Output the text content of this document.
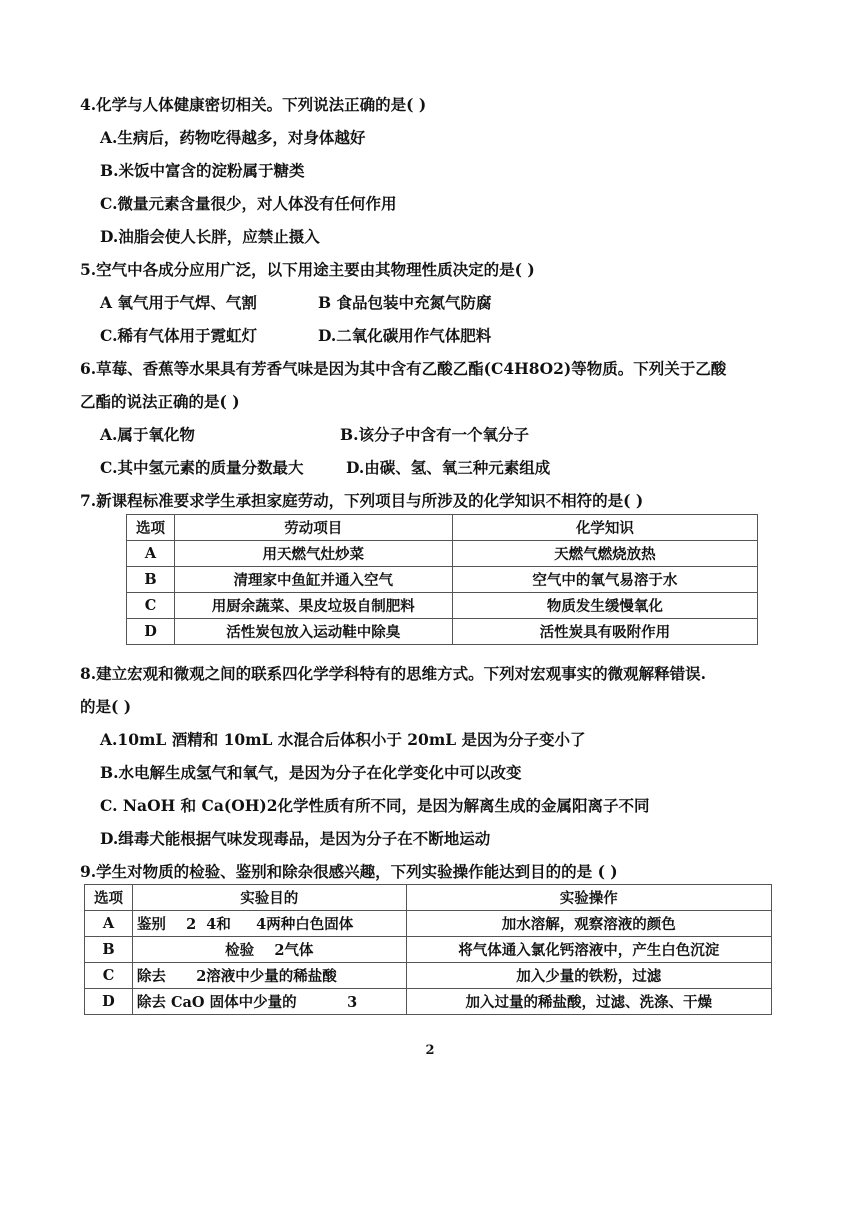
4.化学与人体健康密切相关。下列说法正确的是( )
A.生病后，药物吃得越多，对身体越好
B.米饭中富含的淀粉属于糖类
C.微量元素含量很少，对人体没有任何作用
D.油脂会使人长胖，应禁止摄入
5.空气中各成分应用广泛，以下用途主要由其物理性质决定的是( )
A 氧气用于气焊、气割	B 食品包装中充氮气防腐
C.稀有气体用于霓虹灯	D.二氧化碳用作气体肥料
6.草莓、香蕉等水果具有芳香气味是因为其中含有乙酸乙酯(C4H8O2)等物质。下列关于乙酸
乙酯的说法正确的是( )
A.属于氧化物	B.该分子中含有一个氧分子
C.其中氢元素的质量分数最大	D.由碳、氢、氧三种元素组成
7.新课程标准要求学生承担家庭劳动，下列项目与所涉及的化学知识不相符的是( )
选项	劳动项目	化学知识
A	用天燃气灶炒菜	天燃气燃烧放热
B	清理家中鱼缸并通入空气	空气中的氧气易溶于水
C	用厨余蔬菜、果皮垃圾自制肥料	物质发生缓慢氧化
D	活性炭包放入运动鞋中除臭	活性炭具有吸附作用
8.建立宏观和微观之间的联系四化学学科特有的思维方式。下列对宏观事实的微观解释错误.
的是( )
A.10mL 酒精和 10mL 水混合后体积小于 20mL 是因为分子变小了
B.水电解生成氢气和氧气，是因为分子在化学变化中可以改变
C. NaOH 和 Ca(OH)2化学性质有所不同，是因为解离生成的金属阳离子不同
D.缉毒犬能根据气味发现毒品，是因为分子在不断地运动
9.学生对物质的检验、鉴别和除杂很感兴趣，下列实验操作能达到目的的是 ( )
选项	实验目的	实验操作
A	鉴别    2  4和     4两种白色固体	加水溶解，观察溶液的颜色
B	检验    2气体	将气体通入氯化钙溶液中，产生白色沉淀
C	除去      2溶液中少量的稀盐酸	加入少量的铁粉，过滤
D	除去 CaO 固体中少量的          3	加入过量的稀盐酸，过滤、洗涤、干燥
2
